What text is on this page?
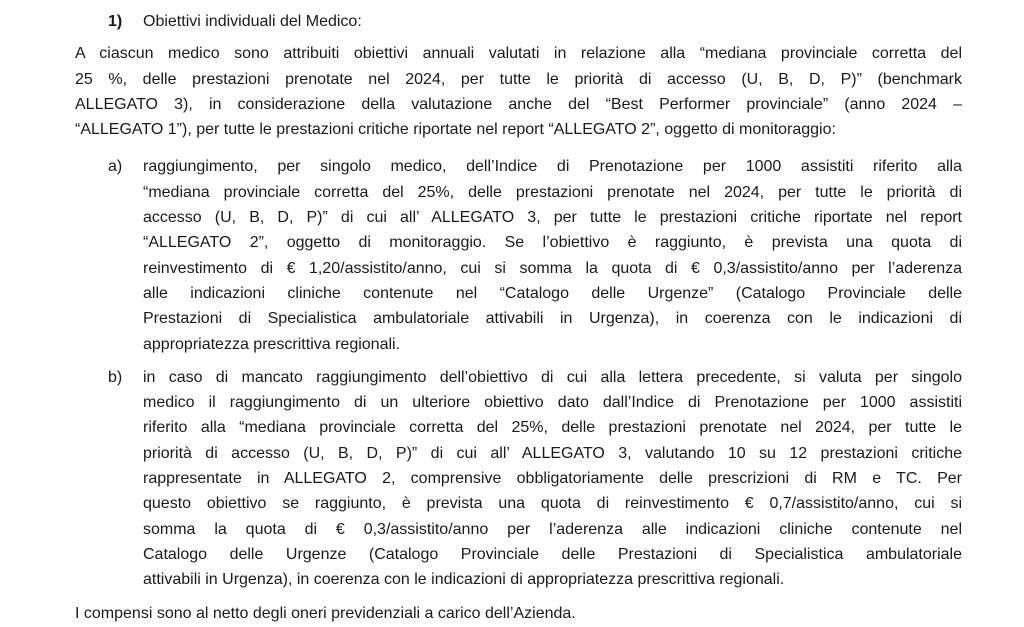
1)	Obiettivi individuali del Medico:
A ciascun medico sono attribuiti obiettivi annuali valutati in relazione alla “mediana provinciale corretta del
25 %, delle prestazioni prenotate nel 2024, per tutte le priorità di accesso (U, B, D, P)” (benchmark
ALLEGATO 3), in considerazione della valutazione anche del “Best Performer provinciale” (anno 2024 –
“ALLEGATO 1”), per tutte le prestazioni critiche riportate nel report “ALLEGATO 2”, oggetto di monitoraggio:
a)	raggiungimento, per singolo medico, dell’Indice di Prenotazione per 1000 assistiti riferito alla
“mediana provinciale corretta del 25%, delle prestazioni prenotate nel 2024, per tutte le priorità di
accesso (U, B, D, P)” di cui all’ ALLEGATO 3, per tutte le prestazioni critiche riportate nel report
“ALLEGATO 2”, oggetto di monitoraggio. Se l’obiettivo è raggiunto, è prevista una quota di
reinvestimento di € 1,20/assistito/anno, cui si somma la quota di € 0,3/assistito/anno per l’aderenza
alle indicazioni cliniche contenute nel “Catalogo delle Urgenze” (Catalogo Provinciale delle
Prestazioni di Specialistica ambulatoriale attivabili in Urgenza), in coerenza con le indicazioni di
appropriatezza prescrittiva regionali.
b)	in caso di mancato raggiungimento dell’obiettivo di cui alla lettera precedente, si valuta per singolo
medico il raggiungimento di un ulteriore obiettivo dato dall’Indice di Prenotazione per 1000 assistiti
riferito alla “mediana provinciale corretta del 25%, delle prestazioni prenotate nel 2024, per tutte le
priorità di accesso (U, B, D, P)” di cui all’ ALLEGATO 3, valutando 10 su 12 prestazioni critiche
rappresentate in ALLEGATO 2, comprensive obbligatoriamente delle prescrizioni di RM e TC. Per
questo obiettivo se raggiunto, è prevista una quota di reinvestimento € 0,7/assistito/anno, cui si
somma la quota di € 0,3/assistito/anno per l’aderenza alle indicazioni cliniche contenute nel
Catalogo delle Urgenze (Catalogo Provinciale delle Prestazioni di Specialistica ambulatoriale
attivabili in Urgenza), in coerenza con le indicazioni di appropriatezza prescrittiva regionali.
I compensi sono al netto degli oneri previdenziali a carico dell’Azienda.
